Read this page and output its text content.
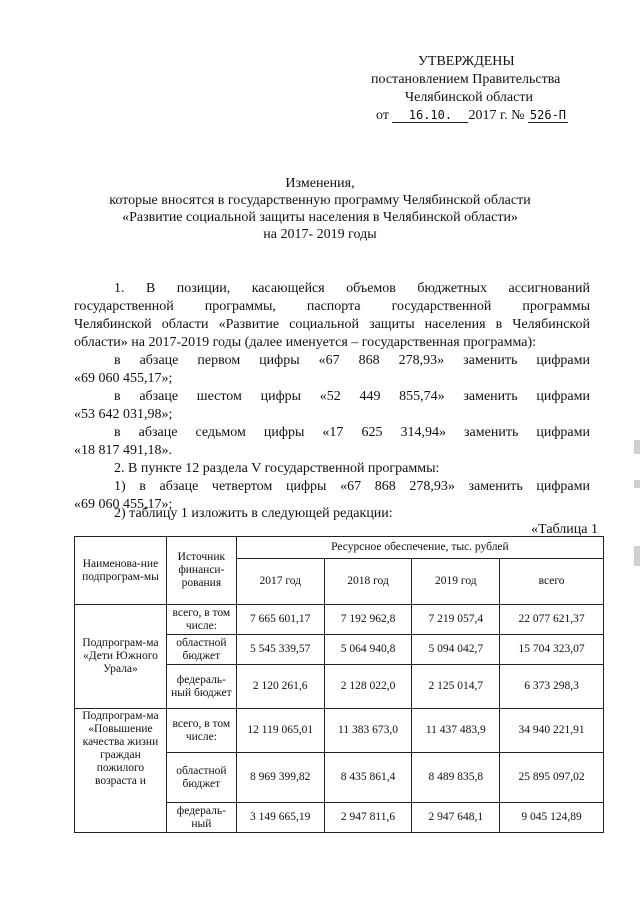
УТВЕРЖДЕНЫ
постановлением Правительства
Челябинской области
от 16.10. 2017 г. № 526-П
Изменения,
которые вносятся в государственную программу Челябинской области
«Развитие социальной защиты населения в Челябинской области»
на 2017- 2019 годы
1. В позиции, касающейся объемов бюджетных ассигнований
государственной программы, паспорта государственной программы
Челябинской области «Развитие социальной защиты населения в Челябинской
области» на 2017-2019 годы (далее именуется – государственная программа):
в абзаце первом цифры «67 868 278,93» заменить цифрами
«69 060 455,17»;
в абзаце шестом цифры «52 449 855,74» заменить цифрами
«53 642 031,98»;
в абзаце седьмом цифры «17 625 314,94» заменить цифрами
«18 817 491,18».
2. В пункте 12 раздела V государственной программы:
1) в абзаце четвертом цифры «67 868 278,93» заменить цифрами
«69 060 455,17»;
2) таблицу 1 изложить в следующей редакции:
«Таблица 1
Наименова-ние подпрограм-мы	Источник финанси-рования	Ресурсное обеспечение, тыс. рублей			
		2017 год	2018 год	2019 год	всего
Подпрограм-ма «Дети Южного Урала»	всего, в том числе:	7 665 601,17	7 192 962,8	7 219 057,4	22 077 621,37
	областной бюджет	5 545 339,57	5 064 940,8	5 094 042,7	15 704 323,07
	федераль-ный бюджет	2 120 261,6	2 128 022,0	2 125 014,7	6 373 298,3
Подпрограм-ма «Повышение качества жизни граждан пожилого возраста и	всего, в том числе:	12 119 065,01	11 383 673,0	11 437 483,9	34 940 221,91
	областной бюджет	8 969 399,82	8 435 861,4	8 489 835,8	25 895 097,02
	федераль-ный	3 149 665,19	2 947 811,6	2 947 648,1	9 045 124,89
